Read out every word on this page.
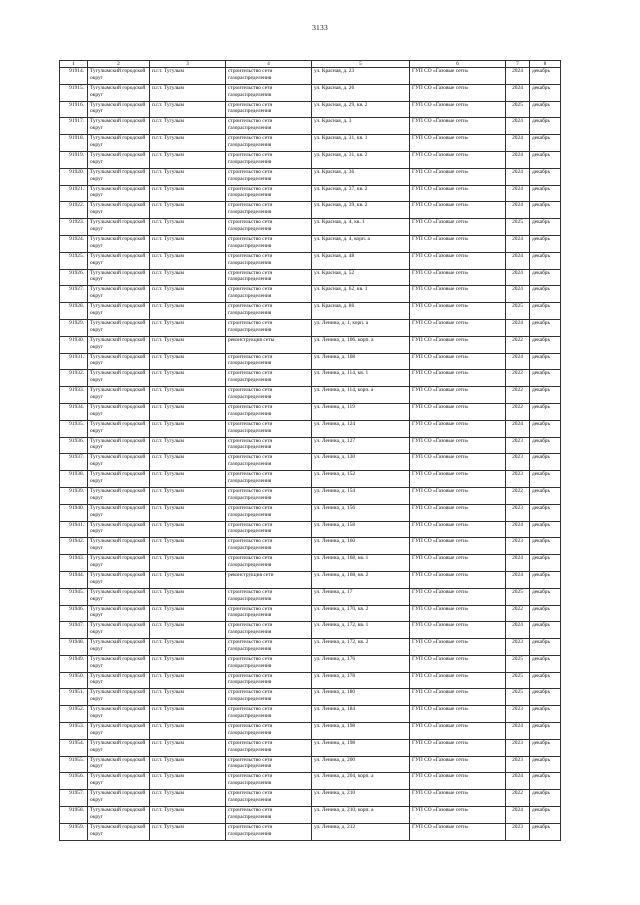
3133
1	2	3	4	5	6	7	8
91914.	Тугулымский городской округ	п.г.т. Тугулым	строительство сети газораспределения	ул. Красная, д. 23	ГУП СО «Газовые сети»	2024	декабрь
91915.	Тугулымский городской округ	п.г.т. Тугулым	строительство сети газораспределения	ул. Красная, д. 26	ГУП СО «Газовые сети»	2024	декабрь
91916.	Тугулымский городской округ	п.г.т. Тугулым	строительство сети газораспределения	ул. Красная, д. 29, кв. 2	ГУП СО «Газовые сети»	2025	декабрь
91917.	Тугулымский городской округ	п.г.т. Тугулым	строительство сети газораспределения	ул. Красная, д. 3	ГУП СО «Газовые сети»	2024	декабрь
91918.	Тугулымский городской округ	п.г.т. Тугулым	строительство сети газораспределения	ул. Красная, д. 31, кв. 1	ГУП СО «Газовые сети»	2024	декабрь
91919.	Тугулымский городской округ	п.г.т. Тугулым	строительство сети газораспределения	ул. Красная, д. 31, кв. 2	ГУП СО «Газовые сети»	2024	декабрь
91920.	Тугулымский городской округ	п.г.т. Тугулым	строительство сети газораспределения	ул. Красная, д. 36	ГУП СО «Газовые сети»	2024	декабрь
91921.	Тугулымский городской округ	п.г.т. Тугулым	строительство сети газораспределения	ул. Красная, д. 37, кв. 2	ГУП СО «Газовые сети»	2024	декабрь
91922.	Тугулымский городской округ	п.г.т. Тугулым	строительство сети газораспределения	ул. Красная, д. 39, кв. 2	ГУП СО «Газовые сети»	2024	декабрь
91923.	Тугулымский городской округ	п.г.т. Тугулым	строительство сети газораспределения	ул. Красная, д. 4, кв. 1	ГУП СО «Газовые сети»	2025	декабрь
91924.	Тугулымский городской округ	п.г.т. Тугулым	строительство сети газораспределения	ул. Красная, д. 4, корп. а	ГУП СО «Газовые сети»	2024	декабрь
91925.	Тугулымский городской округ	п.г.т. Тугулым	строительство сети газораспределения	ул. Красная, д. 48	ГУП СО «Газовые сети»	2024	декабрь
91926.	Тугулымский городской округ	п.г.т. Тугулым	строительство сети газораспределения	ул. Красная, д. 52	ГУП СО «Газовые сети»	2024	декабрь
91927.	Тугулымский городской округ	п.г.т. Тугулым	строительство сети газораспределения	ул. Красная, д. 62, кв. 1	ГУП СО «Газовые сети»	2024	декабрь
91928.	Тугулымский городской округ	п.г.т. Тугулым	строительство сети газораспределения	ул. Красная, д. 86	ГУП СО «Газовые сети»	2025	декабрь
91929.	Тугулымский городской округ	п.г.т. Тугулым	строительство сети газораспределения	ул. Ленина, д. 1, корп. а	ГУП СО «Газовые сети»	2024	декабрь
91930.	Тугулымский городской округ	п.г.т. Тугулым	реконструкция сеты	ул. Ленина, д. 106, корп. а	ГУП СО «Газовые сети»	2022	декабрь
91931.	Тугулымский городской округ	п.г.т. Тугулым	строительство сети газораспределения	ул. Ленина, д. 108	ГУП СО «Газовые сети»	2024	декабрь
91932.	Тугулымский городской округ	п.г.т. Тугулым	строительство сети газораспределения	ул. Ленина, д. 114, кв. 1	ГУП СО «Газовые сети»	2022	декабрь
91933.	Тугулымский городской округ	п.г.т. Тугулым	строительство сети газораспределения	ул. Ленина, д. 114, корп. а	ГУП СО «Газовые сети»	2022	декабрь
91934.	Тугулымский городской округ	п.г.т. Тугулым	строительство сети газораспределения	ул. Ленина, д. 119	ГУП СО «Газовые сети»	2022	декабрь
91935.	Тугулымский городской округ	п.г.т. Тугулым	строительство сети газораспределения	ул. Ленина, д. 124	ГУП СО «Газовые сети»	2024	декабрь
91936.	Тугулымский городской округ	п.г.т. Тугулым	строительство сети газораспределения	ул. Ленина, д. 127	ГУП СО «Газовые сети»	2023	декабрь
91937.	Тугулымский городской округ	п.г.т. Тугулым	строительство сети газораспределения	ул. Ленина, д. 130	ГУП СО «Газовые сети»	2023	декабрь
91938.	Тугулымский городской округ	п.г.т. Тугулым	строительство сети газораспределения	ул. Ленина, д. 152	ГУП СО «Газовые сети»	2023	декабрь
91939.	Тугулымский городской округ	п.г.т. Тугулым	строительство сети газораспределения	ул. Ленина, д. 154	ГУП СО «Газовые сети»	2022	декабрь
91940.	Тугулымский городской округ	п.г.т. Тугулым	строительство сети газораспределения	ул. Ленина, д. 156	ГУП СО «Газовые сети»	2023	декабрь
91941.	Тугулымский городской округ	п.г.т. Тугулым	строительство сети газораспределения	ул. Ленина, д. 158	ГУП СО «Газовые сети»	2024	декабрь
91942.	Тугулымский городской округ	п.г.т. Тугулым	строительство сети газораспределения	ул. Ленина, д. 160	ГУП СО «Газовые сети»	2023	декабрь
91943.	Тугулымский городской округ	п.г.т. Тугулым	строительство сети газораспределения	ул. Ленина, д. 168, кв. 1	ГУП СО «Газовые сети»	2024	декабрь
91944.	Тугулымский городской округ	п.г.т. Тугулым	реконструкция сети	ул. Ленина, д. 168, кв. 2	ГУП СО «Газовые сети»	2024	декабрь
91945.	Тугулымский городской округ	п.г.т. Тугулым	строительство сети газораспределения	ул. Ленина, д. 17	ГУП СО «Газовые сети»	2025	декабрь
91946.	Тугулымский городской округ	п.г.т. Тугулым	строительство сети газораспределения	ул. Ленина, д. 170, кв. 2	ГУП СО «Газовые сети»	2022	декабрь
91947.	Тугулымский городской округ	п.г.т. Тугулым	строительство сети газораспределения	ул. Ленина, д. 172, кв. 1	ГУП СО «Газовые сети»	2024	декабрь
91948.	Тугулымский городской округ	п.г.т. Тугулым	строительство сети газораспределения	ул. Ленина, д. 172, кв. 2	ГУП СО «Газовые сети»	2023	декабрь
91949.	Тугулымский городской округ	п.г.т. Тугулым	строительство сети газораспределения	ул. Ленина, д. 176	ГУП СО «Газовые сети»	2025	декабрь
91950.	Тугулымский городской округ	п.г.т. Тугулым	строительство сети газораспределения	ул. Ленина, д. 178	ГУП СО «Газовые сети»	2025	декабрь
91951.	Тугулымский городской округ	п.г.т. Тугулым	строительство сети газораспределения	ул. Ленина, д. 180	ГУП СО «Газовые сети»	2025	декабрь
91952.	Тугулымский городской округ	п.г.т. Тугулым	строительство сети газораспределения	ул. Ленина, д. 184	ГУП СО «Газовые сети»	2023	декабрь
91953.	Тугулымский городской округ	п.г.т. Тугулым	строительство сети газораспределения	ул. Ленина, д. 198	ГУП СО «Газовые сети»	2024	декабрь
91954.	Тугулымский городской округ	п.г.т. Тугулым	строительство сети газораспределения	ул. Ленина, д. 198	ГУП СО «Газовые сети»	2023	декабрь
91955.	Тугулымский городской округ	п.г.т. Тугулым	строительство сети газораспределения	ул. Ленина, д. 200	ГУП СО «Газовые сети»	2023	декабрь
91956.	Тугулымский городской округ	п.г.т. Тугулым	строительство сети газораспределения	ул. Ленина, д. 204, корп. а	ГУП СО «Газовые сети»	2024	декабрь
91957.	Тугулымский городской округ	п.г.т. Тугулым	строительство сети газораспределения	ул. Ленина, д. 210	ГУП СО «Газовые сети»	2022	декабрь
91958.	Тугулымский городской округ	п.г.т. Тугулым	строительство сети газораспределения	ул. Ленина, д. 210, корп. а	ГУП СО «Газовые сети»	2024	декабрь
91959.	Тугулымский городской округ	п.г.т. Тугулым	строительство сети газораспределения	ул. Ленина, д. 212	ГУП СО «Газовые сети»	2023	декабрь
